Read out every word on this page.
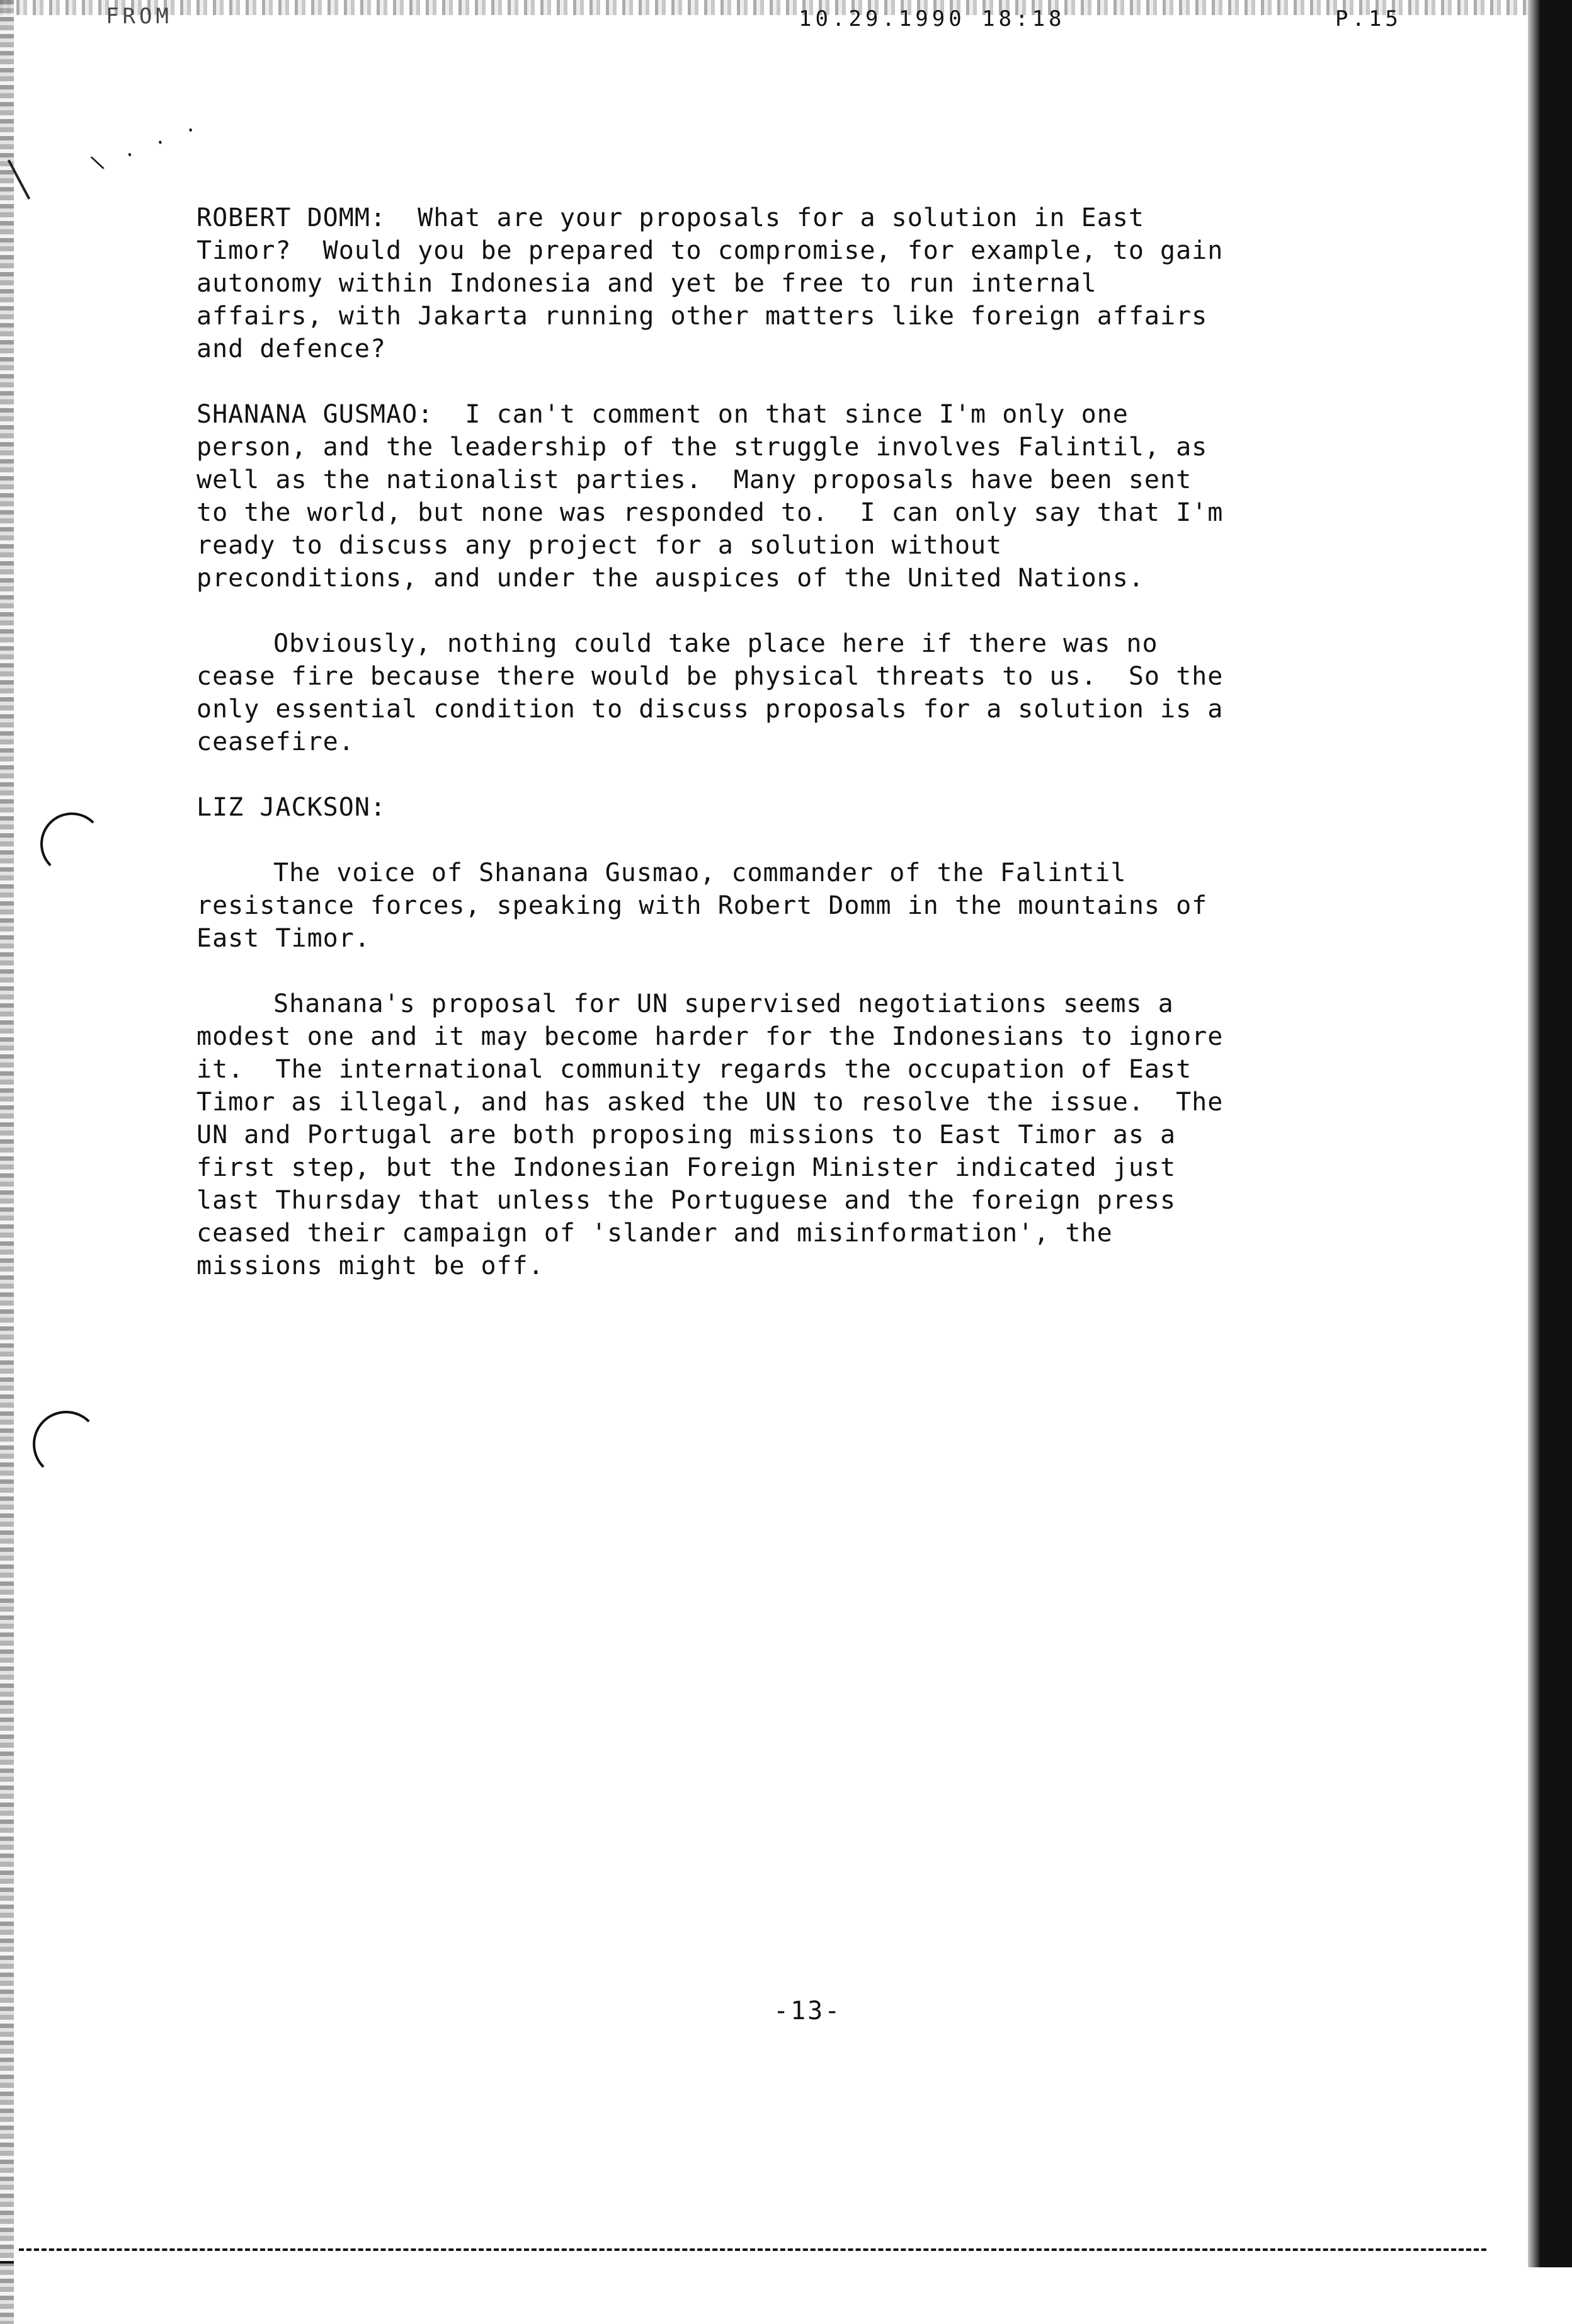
FROM	10.29.1990 18:18	P.15
\ . . .

ROBERT DOMM:  What are your proposals for a solution in East
Timor?  Would you be prepared to compromise, for example, to gain
autonomy within Indonesia and yet be free to run internal
affairs, with Jakarta running other matters like foreign affairs
and defence?

SHANANA GUSMAO:  I can't comment on that since I'm only one
person, and the leadership of the struggle involves Falintil, as
well as the nationalist parties.  Many proposals have been sent
to the world, but none was responded to.  I can only say that I'm
ready to discuss any project for a solution without
preconditions, and under the auspices of the United Nations.

Obviously, nothing could take place here if there was no
cease fire because there would be physical threats to us.  So the
only essential condition to discuss proposals for a solution is a
ceasefire.

LIZ JACKSON:

The voice of Shanana Gusmao, commander of the Falintil
resistance forces, speaking with Robert Domm in the mountains of
East Timor.

Shanana's proposal for UN supervised negotiations seems a
modest one and it may become harder for the Indonesians to ignore
it.  The international community regards the occupation of East
Timor as illegal, and has asked the UN to resolve the issue.  The
UN and Portugal are both proposing missions to East Timor as a
first step, but the Indonesian Foreign Minister indicated just
last Thursday that unless the Portuguese and the foreign press
ceased their campaign of 'slander and misinformation', the
missions might be off.

-13-
